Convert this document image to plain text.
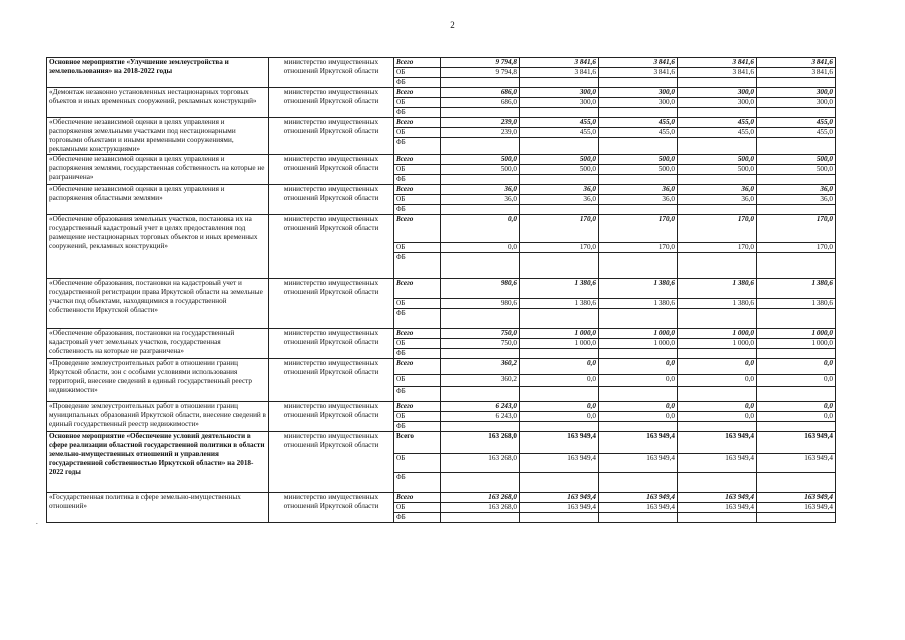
2
Основное мероприятие «Улучшение землеустройства и землепользования» на 2018-2022 годы	министерство имущественных отношений Иркутской области	Всего	9 794,8	3 841,6	3 841,6	3 841,6	3 841,6
		ОБ	9 794,8	3 841,6	3 841,6	3 841,6	3 841,6
		ФБ					
«Демонтаж незаконно установленных нестационарных торговых объектов и иных временных сооружений, рекламных конструкций»	министерство имущественных отношений Иркутской области	Всего	686,0	300,0	300,0	300,0	300,0
		ОБ	686,0	300,0	300,0	300,0	300,0
		ФБ					
«Обеспечение независимой оценки в целях управления и распоряжения земельными участками под нестационарными торговыми объектами и иными временными сооружениями, рекламными конструкциями»	министерство имущественных отношений Иркутской области	Всего	239,0	455,0	455,0	455,0	455,0
		ОБ	239,0	455,0	455,0	455,0	455,0
		ФБ					
«Обеспечение независимой оценки в целях управления и распоряжения землями, государственная собственность на которые не разграничена»	министерство имущественных отношений Иркутской области	Всего	500,0	500,0	500,0	500,0	500,0
		ОБ	500,0	500,0	500,0	500,0	500,0
		ФБ					
«Обеспечение независимой оценки в целях управления и распоряжения областными землями»	министерство имущественных отношений Иркутской области	Всего	36,0	36,0	36,0	36,0	36,0
		ОБ	36,0	36,0	36,0	36,0	36,0
		ФБ					
«Обеспечение образования земельных участков, постановка их на государственный кадастровый учет в целях предоставления под размещение нестационарных торговых объектов и иных временных сооружений, рекламных конструкций»	министерство имущественных отношений Иркутской области	Всего	0,0	170,0	170,0	170,0	170,0
		ОБ	0,0	170,0	170,0	170,0	170,0
		ФБ					
«Обеспечение образования, постановки на кадастровый учет и государственной регистрации права Иркутской области на земельные участки под объектами, находящимися в государственной собственности Иркутской области»	министерство имущественных отношений Иркутской области	Всего	980,6	1 380,6	1 380,6	1 380,6	1 380,6
		ОБ	980,6	1 380,6	1 380,6	1 380,6	1 380,6
		ФБ					
«Обеспечение образования, постановки на государственный кадастровый учет земельных участков, государственная собственность на которые не разграничена»	министерство имущественных отношений Иркутской области	Всего	750,0	1 000,0	1 000,0	1 000,0	1 000,0
		ОБ	750,0	1 000,0	1 000,0	1 000,0	1 000,0
		ФБ					
«Проведение землеустроительных работ в отношении границ Иркутской области, зон с особыми условиями использования территорий, внесение сведений в единый государственный реестр недвижимости»	министерство имущественных отношений Иркутской области	Всего	360,2	0,0	0,0	0,0	0,0
		ОБ	360,2	0,0	0,0	0,0	0,0
		ФБ					
«Проведение землеустроительных работ в отношении границ муниципальных образований Иркутской области, внесение сведений в единый государственный реестр недвижимости»	министерство имущественных отношений Иркутской области	Всего	6 243,0	0,0	0,0	0,0	0,0
		ОБ	6 243,0	0,0	0,0	0,0	0,0
		ФБ					
Основное мероприятие «Обеспечение условий деятельности в сфере реализации областной государственной политики в области земельно-имущественных отношений и управления государственной собственностью Иркутской области» на 2018-2022 годы	министерство имущественных отношений Иркутской области	Всего	163 268,0	163 949,4	163 949,4	163 949,4	163 949,4
		ОБ	163 268,0	163 949,4	163 949,4	163 949,4	163 949,4
		ФБ					
«Государственная политика в сфере земельно-имущественных отношений»	министерство имущественных отношений Иркутской области	Всего	163 268,0	163 949,4	163 949,4	163 949,4	163 949,4
		ОБ	163 268,0	163 949,4	163 949,4	163 949,4	163 949,4
		ФБ					
.
